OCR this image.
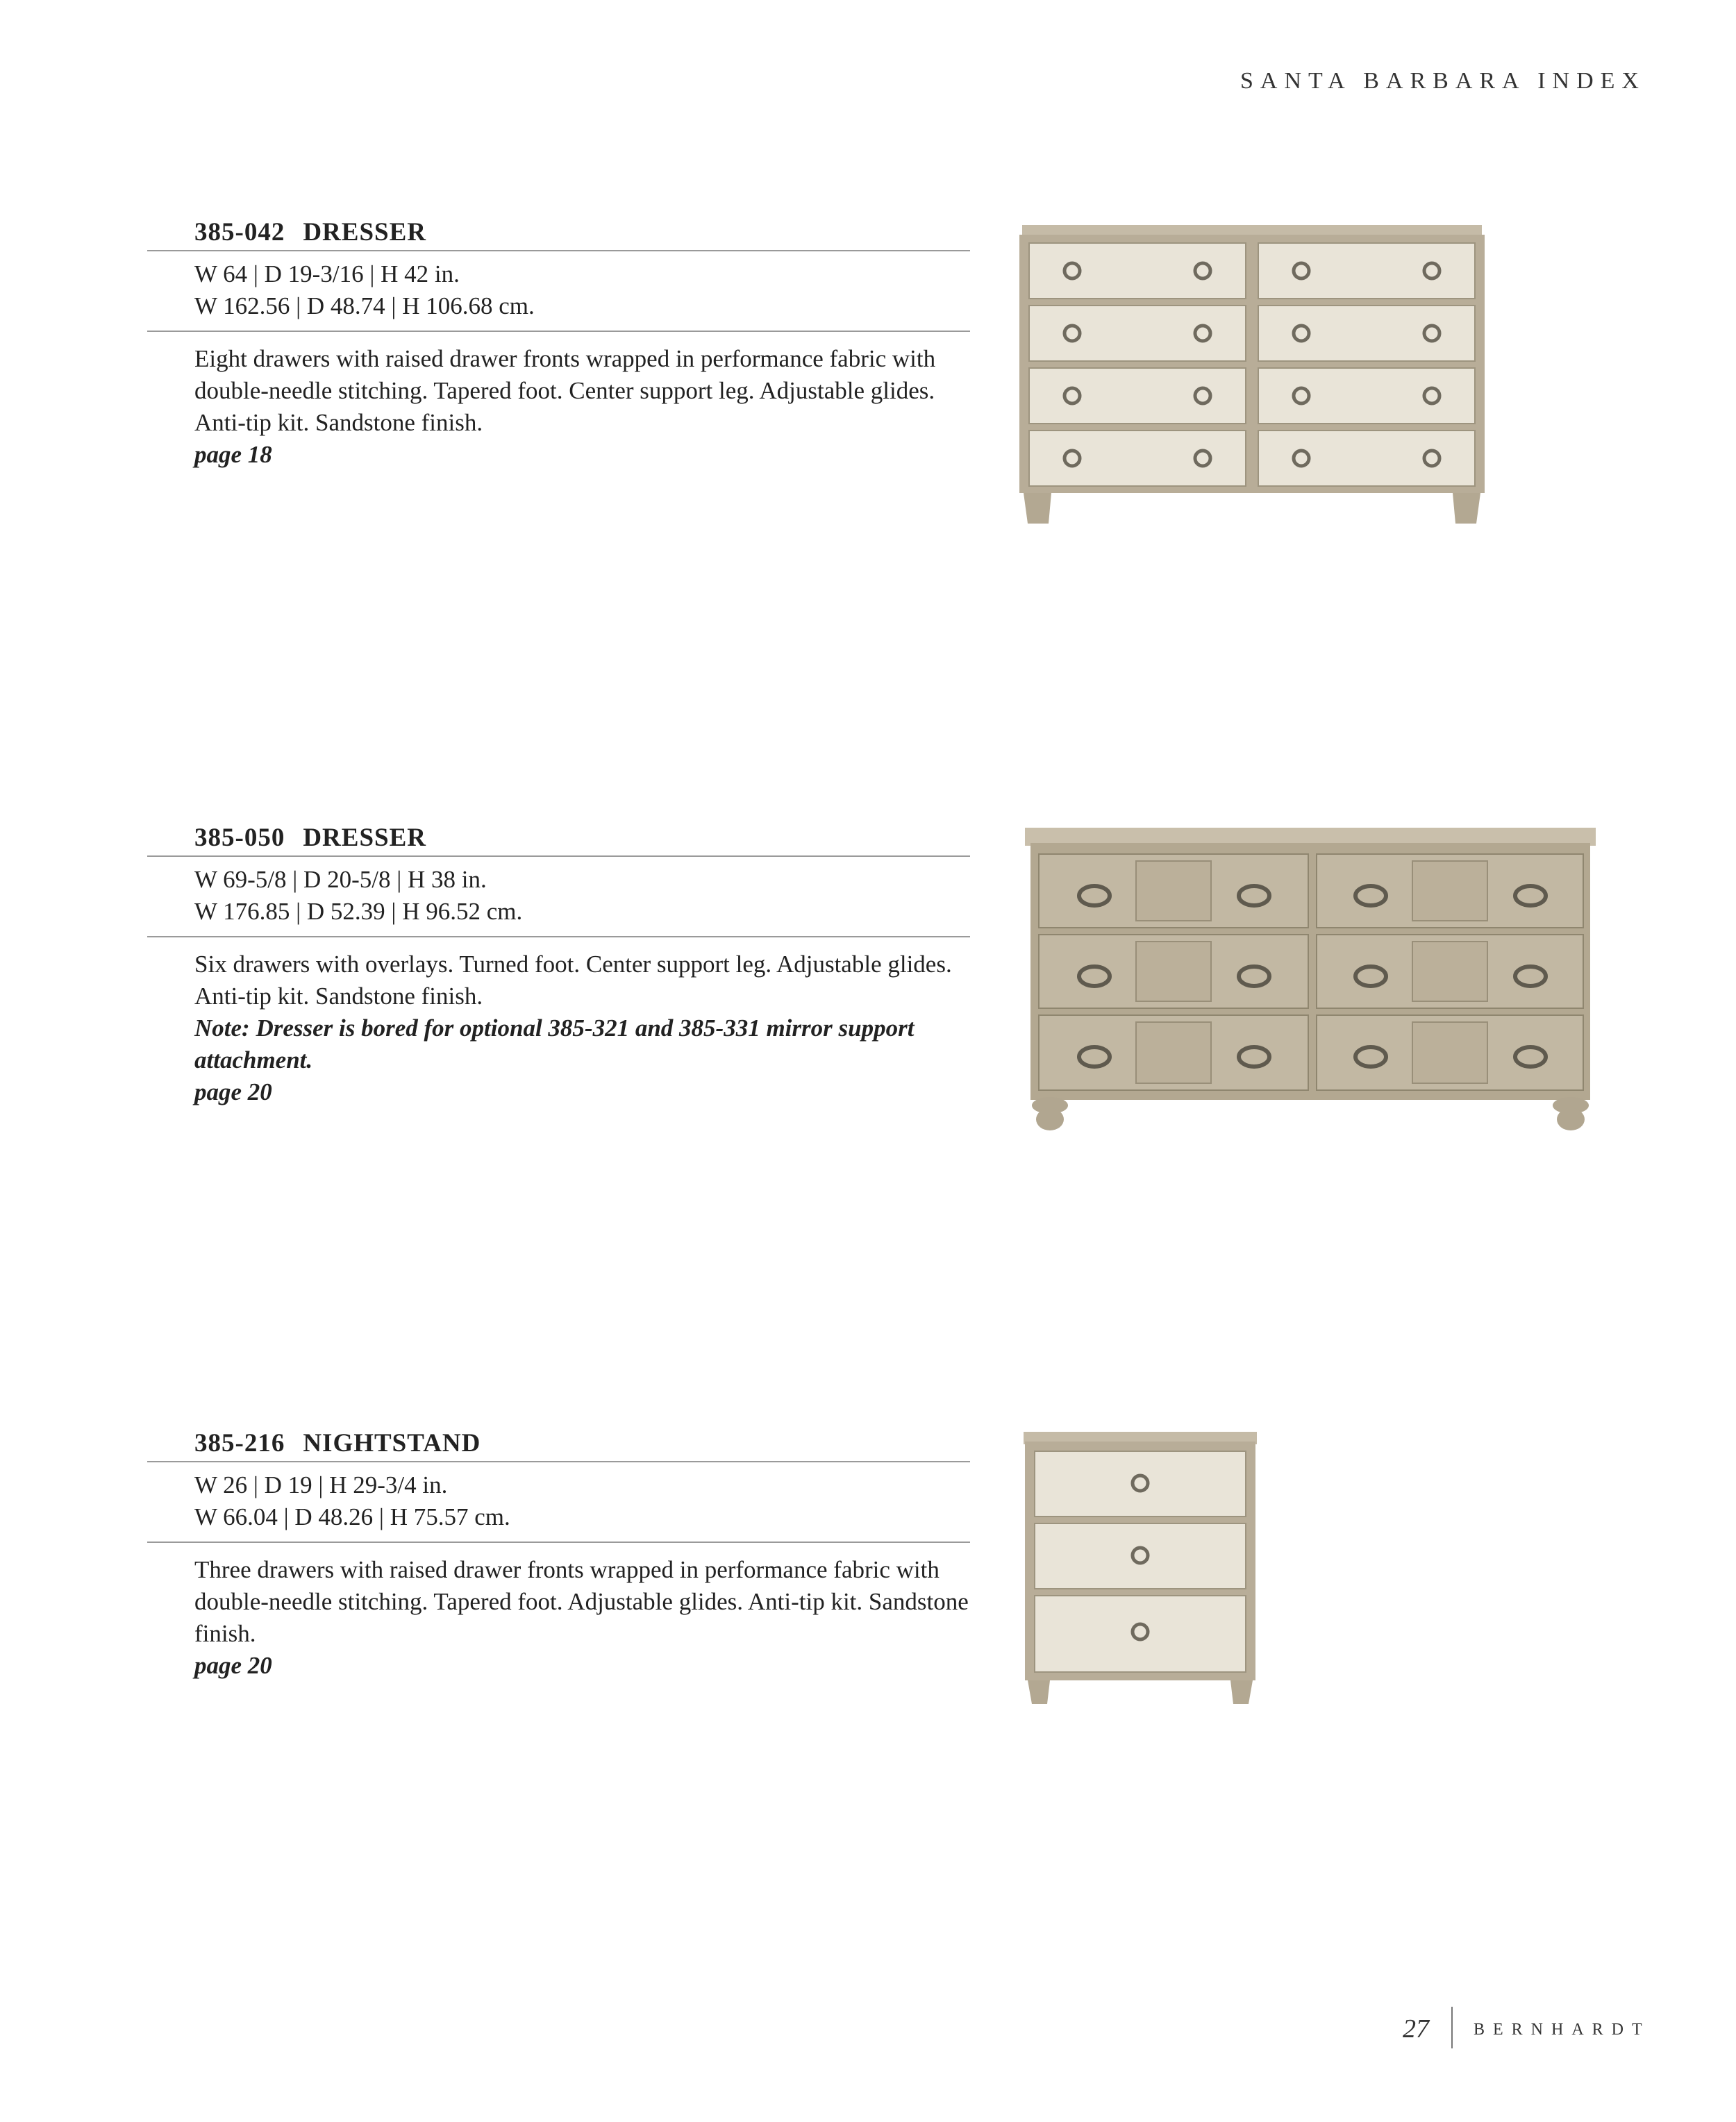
SANTA BARBARA INDEX
385-042 DRESSER
W 64 | D 19-3/16 | H 42 in.
W 162.56 | D 48.74 | H 106.68 cm.

Eight drawers with raised drawer fronts wrapped in performance fabric with double-needle stitching. Tapered foot. Center support leg. Adjustable glides. Anti-tip kit. Sandstone finish.

page 18

385-050 DRESSER
W 69-5/8 | D 20-5/8 | H 38 in.
W 176.85 | D 52.39 | H 96.52 cm.

Six drawers with overlays. Turned foot. Center support leg. Adjustable glides. Anti-tip kit. Sandstone finish.

Note: Dresser is bored for optional 385-321 and 385-331 mirror support attachment.

page 20

385-216 NIGHTSTAND
W 26 | D 19 | H 29-3/4 in.
W 66.04 | D 48.26 | H 75.57 cm.

Three drawers with raised drawer fronts wrapped in performance fabric with double-needle stitching. Tapered foot. Adjustable glides. Anti-tip kit. Sandstone finish.

page 20

27	BERNHARDT
